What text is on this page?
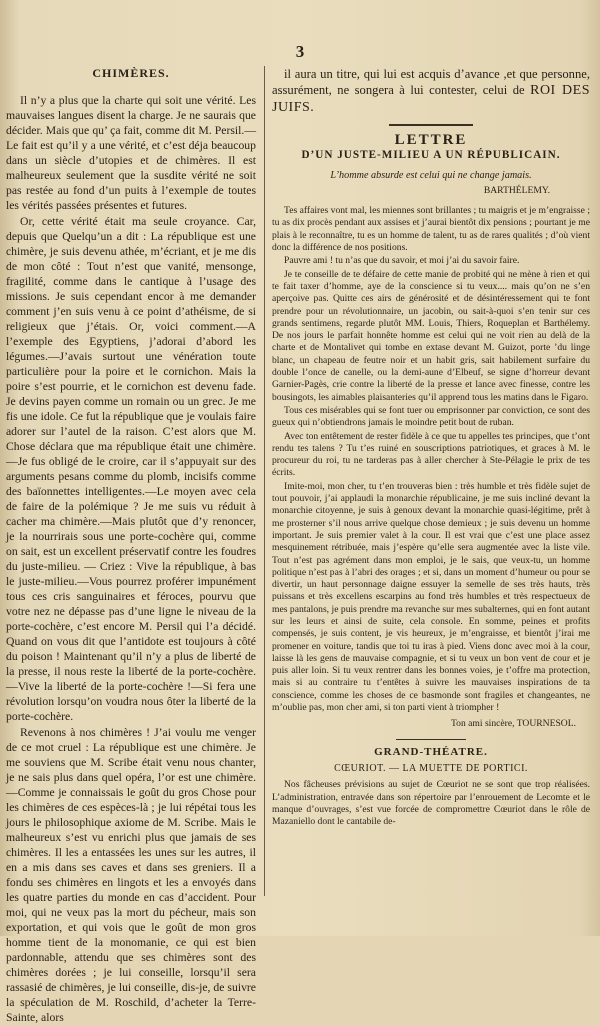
3
CHIMÈRES.

Il n’y a plus que la charte qui soit une vérité. Les mauvaises langues disent la charge. Je ne saurais que décider. Mais que qu’ ça fait, comme dit M. Persil.—Le fait est qu’il y a une vérité, et c’est déja beaucoup dans un siècle d’utopies et de chimères. Il est malheureux seulement que la susdite vérité ne soit pas restée au fond d’un puits à l’exemple de toutes les vérités passées présentes et futures.

Or, cette vérité était ma seule croyance. Car, depuis que Quelqu’un a dit : La république est une chimère, je suis devenu athée, m’écriant, et je me dis de mon côté : Tout n’est que vanité, mensonge, fragilité, comme dans le cantique à l’usage des missions. Je suis cependant encor à me demander comment j’en suis venu à ce point d’athéisme, de si religieux que j’étais. Or, voici comment.—A l’exemple des Egyptiens, j’adorai d’abord les légumes.—J’avais surtout une vénération toute particulière pour la poire et le cornichon. Mais la poire s’est pourrie, et le cornichon est devenu fade. Je devins payen comme un romain ou un grec. Je me fis une idole. Ce fut la république que je voulais faire adorer sur l’autel de la raison. C’est alors que M. Chose déclara que ma république était une chimère.—Je fus obligé de le croire, car il s’appuyait sur des arguments pesans comme du plomb, incisifs comme des baïonnettes intelligentes.—Le moyen avec cela de faire de la polémique ? Je me suis vu réduit à cacher ma chimère.—Mais plutôt que d’y renoncer, je la nourrirais sous une porte-cochère qui, comme on sait, est un excellent préservatif contre les foudres du juste-milieu. — Criez : Vive la république, à bas le juste-milieu.—Vous pourrez proférer impunément tous ces cris sanguinaires et féroces, pourvu que votre nez ne dépasse pas d’une ligne le niveau de la porte-cochère, c’est encore M. Persil qui l’a décidé. Quand on vous dit que l’antidote est toujours à côté du poison ! Maintenant qu’il n’y a plus de liberté de la presse, il nous reste la liberté de la porte-cochère.—Vive la liberté de la porte-cochère !—Si fera une révolution lorsqu’on voudra nous ôter la liberté de la porte-cochère.

Revenons à nos chimères ! J’ai voulu me venger de ce mot cruel : La république est une chimère. Je me souviens que M. Scribe était venu nous chanter, je ne sais plus dans quel opéra, l’or est une chimère.—Comme je connaissais le goût du gros Chose pour les chimères de ces espèces-là ; je lui répétai tous les jours le philosophique axiome de M. Scribe. Mais le malheureux s’est vu enrichi plus que jamais de ses chimères. Il les a entassées les unes sur les autres, il en a mis dans ses caves et dans ses greniers. Il a fondu ses chimères en lingots et les a envoyés dans les quatre parties du monde en cas d’accident. Pour moi, qui ne veux pas la mort du pécheur, mais son exportation, et qui vois que le goût de mon gros homme tient de la monomanie, ce qui est bien pardonnable, attendu que ses chimères sont des chimères dorées ; je lui conseille, lorsqu’il sera rassasié de chimères, je lui conseille, dis-je, de suivre la spéculation de M. Roschild, d’acheter la Terre-Sainte, alors

il aura un titre, qui lui est acquis d’avance ,et que personne, assurément, ne songera à lui contester, celui de ROI DES JUIFS.

LETTRE
D’UN JUSTE-MILIEU A UN RÉPUBLICAIN.
L’homme absurde est celui qui ne change jamais.
BARTHÉLEMY.

Tes affaires vont mal, les miennes sont brillantes ; tu maigris et je m’engraisse ; tu as dix procès pendant aux assises et j’aurai bientôt dix pensions ; pourtant je me plais à le reconnaître, tu es un homme de talent, tu as de rares qualités ; d’où vient donc la différence de nos positions.

Pauvre ami ! tu n’as que du savoir, et moi j’ai du savoir faire.

Je te conseille de te défaire de cette manie de probité qui ne mène à rien et qui te fait taxer d’homme, aye de la conscience si tu veux.... mais qu’on ne s’en aperçoive pas. Quitte ces airs de générosité et de désintéressement qui te font prendre pour un révolutionnaire, un jacobin, ou sait-à-quoi s’en tenir sur ces grands sentimens, regarde plutôt MM. Louis, Thiers, Roqueplan et Barthélemy. De nos jours le parfait honnête homme est celui qui ne voit rien au delà de la charte et de Montalivet qui tombe en extase devant M. Guizot, porte ’du linge blanc, un chapeau de feutre noir et un habit gris, sait habilement surfaire du double l’once de canelle, ou la demi-aune d’Elbeuf, se signe d’horreur devant Garnier-Pagès, crie contre la liberté de la presse et lance avec finesse, contre les bousingots, les aimables plaisanteries qu’il apprend tous les matins dans le Figaro.

Tous ces misérables qui se font tuer ou emprisonner par conviction, ce sont des gueux qui n’obtiendrons jamais le moindre petit bout de ruban.

Avec ton entêtement de rester fidèle à ce que tu appelles tes principes, que t’ont rendu tes talens ? Tu t’es ruiné en souscriptions patriotiques, et graces à M. le procureur du roi, tu ne tarderas pas à aller chercher à Ste-Pélagie le prix de tes écrits.

Imite-moi, mon cher, tu t’en trouveras bien : très humble et très fidèle sujet de tout pouvoir, j’ai applaudi la monarchie républicaine, je me suis incliné devant la monarchie citoyenne, je suis à genoux devant la monarchie quasi-légitime, prêt à me prosterner s’il nous arrive quelque chose demieux ; je suis devenu un homme important. Je suis premier valet à la cour. Il est vrai que c’est une place assez mesquinement rétribuée, mais j’espère qu’elle sera augmentée avec la liste vile. Tout n’est pas agrément dans mon emploi, je le sais, que veux-tu, un homme politique n’est pas à l’abri des orages ; et si, dans un moment d’humeur ou pour se divertir, un haut personnage daigne essuyer la semelle de ses très hauts, très puissans et très excellens escarpins au fond très humbles et très respectueux de mes pantalons, je puis prendre ma revanche sur mes subalternes, qui en font autant sur les leurs et ainsi de suite, cela console. En somme, peines et profits compensés, je suis content, je vis heureux, je m’engraisse, et bientôt j’irai me promener en voiture, tandis que toi tu iras à pied. Viens donc avec moi à la cour, laisse là les gens de mauvaise compagnie, et si tu veux un bon vent de cour et je puis aller loin. Si tu veux rentrer dans les bonnes voies, je t’offre ma protection, mais si au contraire tu t’entêtes à suivre les mauvaises inspirations de ta conscience, comme les choses de ce basmonde sont fragiles et changeantes, ne m’oublie pas, mon cher ami, si ton parti vient à triompher !

Ton ami sincère, TOURNESOL.
GRAND-THÉATRE.
CŒURIOT. — LA MUETTE DE PORTICI.

Nos fâcheuses prévisions au sujet de Cœuriot ne se sont que trop réalisées. L’administration, entravée dans son répertoire par l’enrouement de Lecomte et le manque d’ouvrages, s’est vue forcée de compromettre Cœuriot dans le rôle de Mazaniello dont le cantabile de-
